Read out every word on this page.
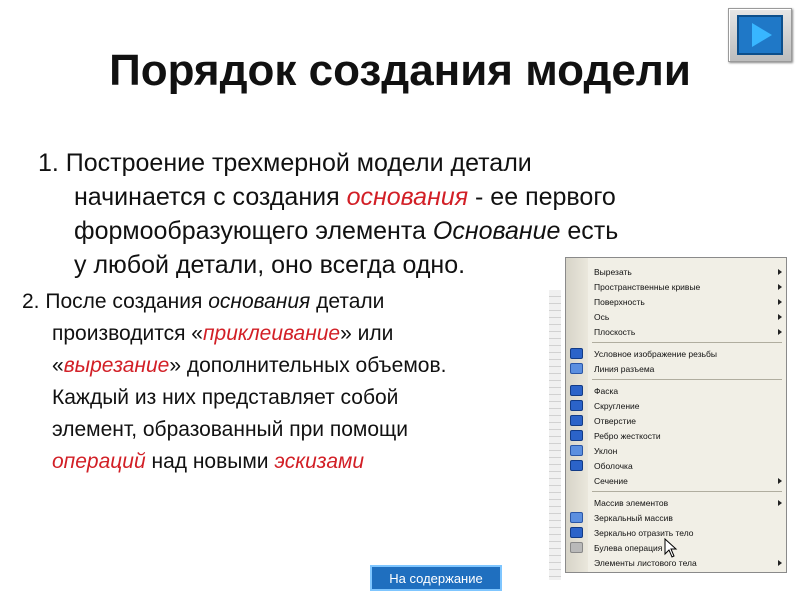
Порядок создания модели
1. Построение трехмерной модели детали
начинается с создания основания - ее первого
формообразующего элемента Основание есть
у любой детали, оно всегда одно.
2. После создания основания детали
производится «приклеивание» или
«вырезание» дополнительных объемов.
Каждый из них представляет собой
элемент, образованный при помощи
операций над новыми эскизами
Вырезать
Пространственные кривые
Поверхность
Ось
Плоскость
Условное изображение резьбы
Линия разъема
Фаска
Скругление
Отверстие
Ребро жесткости
Уклон
Оболочка
Сечение
Массив элементов
Зеркальный массив
Зеркально отразить тело
Булева операция
Элементы листового тела
На содержание
